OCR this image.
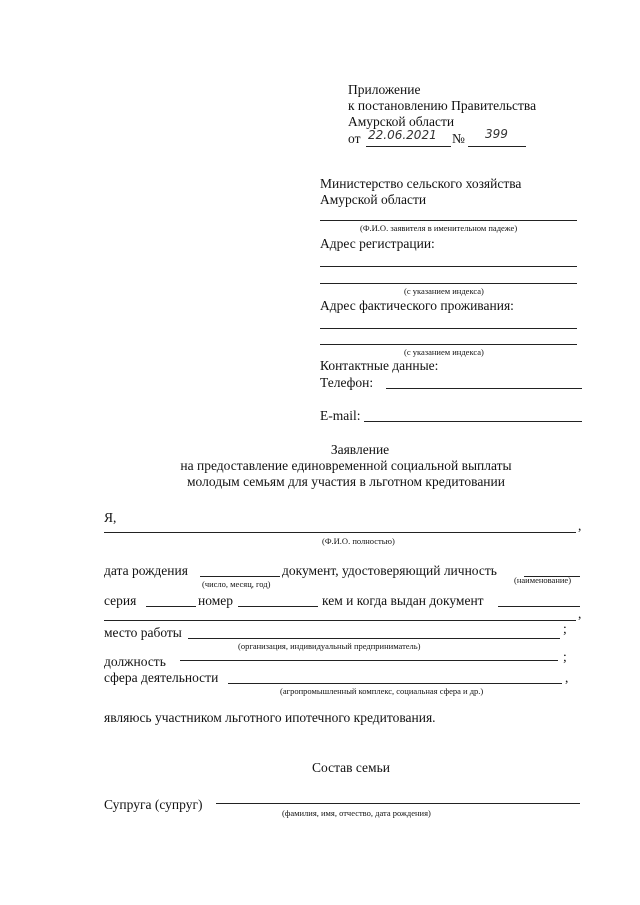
Приложение
к постановлению Правительства
Амурской области
от 22.06.2021 № 399
Министерство сельского хозяйства
Амурской области
(Ф.И.О. заявителя в именительном падеже)
Адрес регистрации:
(с указанием индекса)
Адрес фактического проживания:
(с указанием индекса)
Контактные данные:
Телефон:
E-mail:
Заявление
на предоставление единовременной социальной выплаты
молодым семьям для участия в льготном кредитовании
Я,
,
(Ф.И.О. полностью)
дата рождения	документ, удостоверяющий личность
(число, месяц, год)	(наименование)
серия	номер	кем и когда выдан документ
,
место работы	;
(организация, индивидуальный предприниматель)
должность	;
сфера деятельности	,
(агропромышленный комплекс, социальная сфера и др.)
являюсь участником льготного ипотечного кредитования.
Состав семьи
Супруга (супруг)
(фамилия, имя, отчество, дата рождения)
